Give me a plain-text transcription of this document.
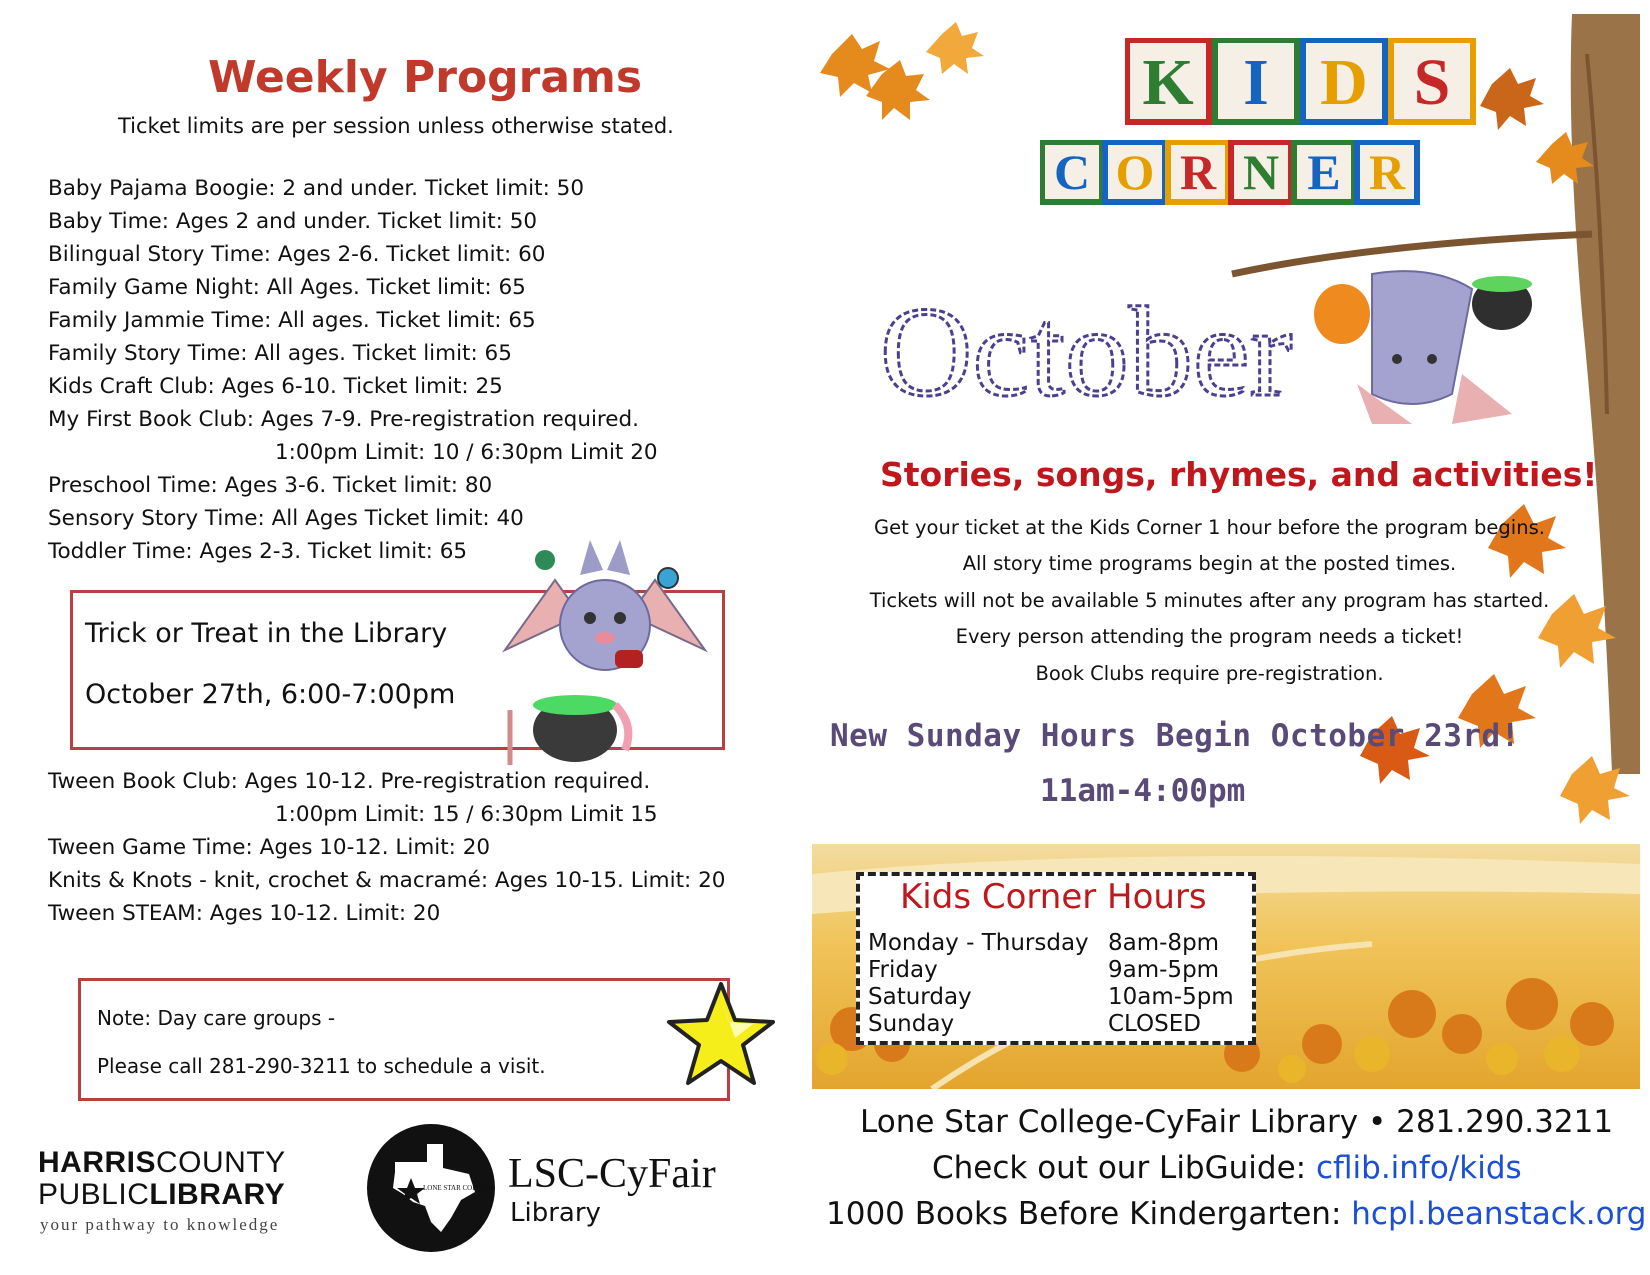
Weekly Programs
Ticket limits are per session unless otherwise stated.
Baby Pajama Boogie: 2 and under. Ticket limit: 50
Baby Time: Ages 2 and under. Ticket limit: 50
Bilingual Story Time: Ages 2-6. Ticket limit: 60
Family Game Night: All Ages. Ticket limit: 65
Family Jammie Time: All ages. Ticket limit: 65
Family Story Time: All ages. Ticket limit: 65
Kids Craft Club: Ages 6-10. Ticket limit: 25
My First Book Club: Ages 7-9. Pre-registration required.
1:00pm Limit: 10 / 6:30pm Limit 20
Preschool Time: Ages 3-6. Ticket limit: 80
Sensory Story Time: All Ages Ticket limit: 40
Toddler Time: Ages 2-3. Ticket limit: 65
Trick or Treat in the Library
October 27th, 6:00-7:00pm
Tween Book Club: Ages 10-12. Pre-registration required.
1:00pm Limit: 15 / 6:30pm Limit 15
Tween Game Time: Ages 10-12. Limit: 20
Knits & Knots - knit, crochet & macramé: Ages 10-15. Limit: 20
Tween STEAM: Ages 10-12. Limit: 20
Note: Day care groups -
Please call 281-290-3211 to schedule a visit.
HARRISCOUNTY
PUBLICLIBRARY
your pathway to knowledge
LONE STAR COLLEGE LSC-CyFair
Library
K I D S
C O R N E R
October
Stories, songs, rhymes, and activities!
Get your ticket at the Kids Corner 1 hour before the program begins.
All story time programs begin at the posted times.
Tickets will not be available 5 minutes after any program has started.
Every person attending the program needs a ticket!
Book Clubs require pre-registration.
New Sunday Hours Begin October 23rd!
11am-4:00pm
Kids Corner Hours
Monday - Thursday 8am-8pm
Friday	9am-5pm
Saturday	10am-5pm
Sunday	CLOSED
Lone Star College-CyFair Library • 281.290.3211
Check out our LibGuide: cflib.info/kids
1000 Books Before Kindergarten: hcpl.beanstack.org
